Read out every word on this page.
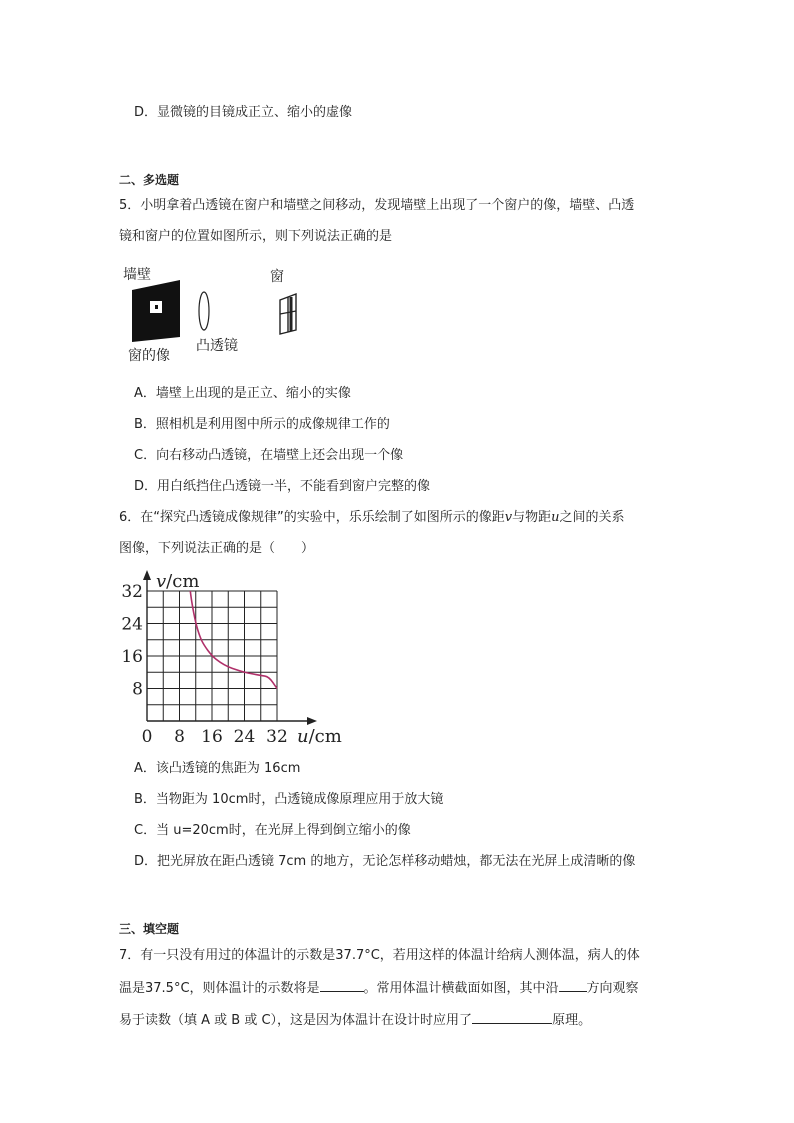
D．显微镜的目镜成正立、缩小的虚像
二、多选题
5．小明拿着凸透镜在窗户和墙壁之间移动，发现墙壁上出现了一个窗户的像，墙壁、凸透
镜和窗户的位置如图所示，则下列说法正确的是
墙壁
窗的像
凸透镜
窗
A．墙壁上出现的是正立、缩小的实像
B．照相机是利用图中所示的成像规律工作的
C．向右移动凸透镜，在墙壁上还会出现一个像
D．用白纸挡住凸透镜一半，不能看到窗户完整的像
6．在“探究凸透镜成像规律”的实验中，乐乐绘制了如图所示的像距v与物距u之间的关系
图像，下列说法正确的是（　　）
0 8 16 24 32
8
16
24
32 v/cm
u/cm
A．该凸透镜的焦距为 16cm
B．当物距为 10cm时，凸透镜成像原理应用于放大镜
C．当 u=20cm时，在光屏上得到倒立缩小的像
D．把光屏放在距凸透镜 7cm 的地方，无论怎样移动蜡烛，都无法在光屏上成清晰的像
三、填空题
7．有一只没有用过的体温计的示数是37.7°C，若用这样的体温计给病人测体温，病人的体
温是37.5°C，则体温计的示数将是	。常用体温计横截面如图，其中沿 方向观察
易于读数（填 A 或 B 或 C），这是因为体温计在设计时应用了	原理。
